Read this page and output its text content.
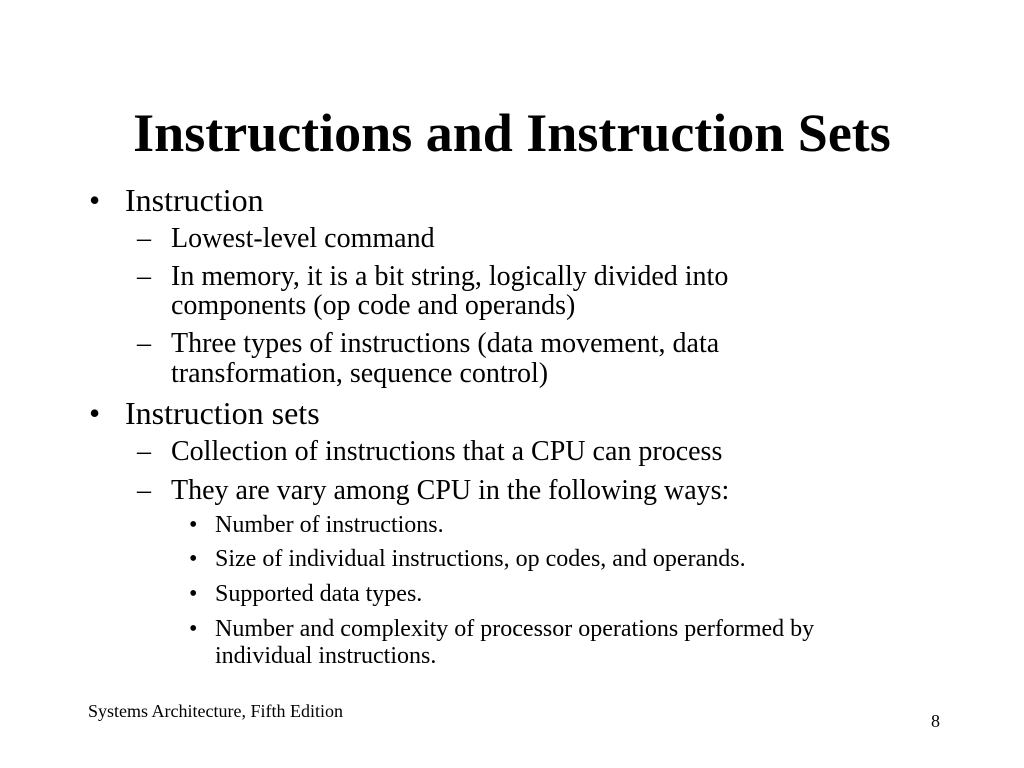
Instructions and Instruction Sets
• Instruction
– Lowest-level command
– In memory, it is a bit string, logically divided into
components (op code and operands)
– Three types of instructions (data movement, data
transformation, sequence control)
• Instruction sets
– Collection of instructions that a CPU can process
– They are vary among CPU in the following ways:
• Number of instructions.
• Size of individual instructions, op codes, and operands.
• Supported data types.
• Number and complexity of processor operations performed by
individual instructions.

Systems Architecture, Fifth Edition	8
